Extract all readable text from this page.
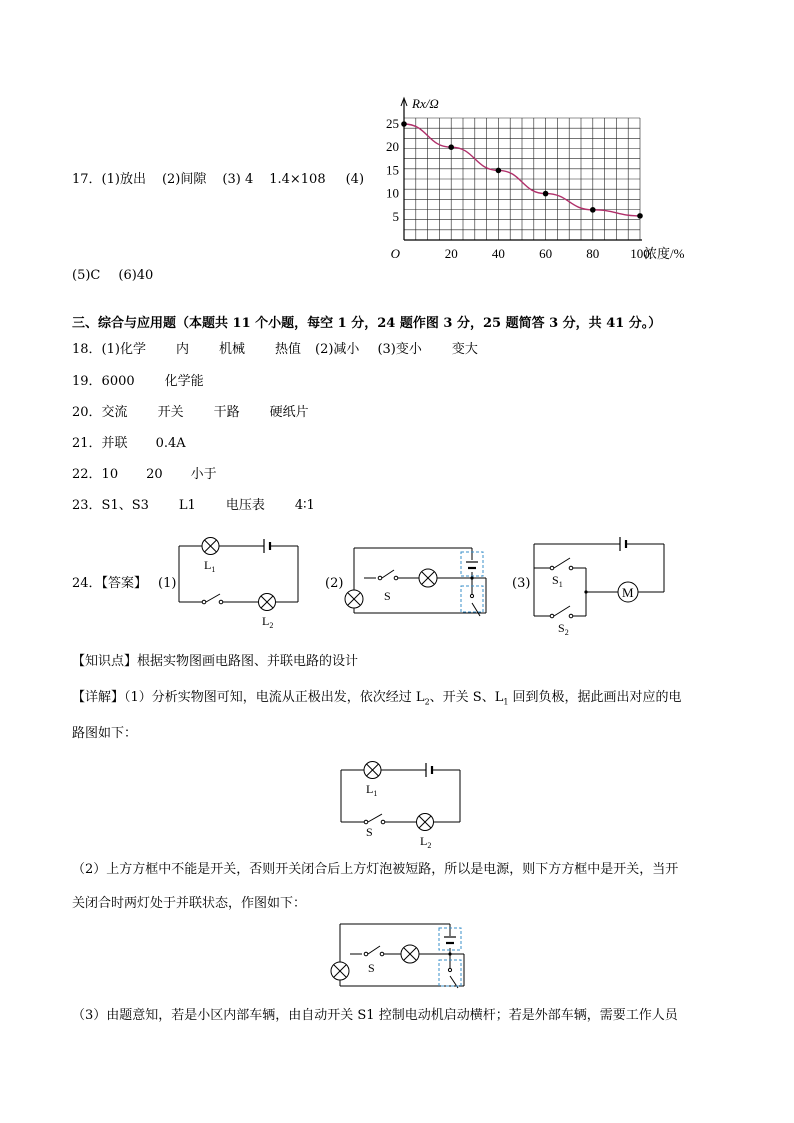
17．(1)放出 (2)间隙 (3) 4 1.4×108 (4)
5
10
15
20
25
20	40	60	80 100
O	浓度/%
Rx/Ω
(5)C (6)40
三、综合与应用题（本题共 11 个小题，每空 1 分，24 题作图 3 分，25 题简答 3 分，共 41 分。）
18．(1)化学 内 机械 热值 (2)减小 (3)变小 变大
19．6000 化学能
20．交流 开关 干路 硬纸片
21．并联 0.4A
22．10 20 小于
23．S1、S3 L1 电压表 4∶1
24．【答案】 (1)	(2)	(3)
$L_1$
$L_2$
S	M
$S_1$
$S_2$
【知识点】根据实物图画电路图、并联电路的设计
【详解】（1）分析实物图可知，电流从正极出发，依次经过 $L_2$、开关 S、$L_1$ 回到负极，据此画出对应的电
路图如下：
$L_1$
S
$L_2$
（2）上方方框中不能是开关，否则开关闭合后上方灯泡被短路，所以是电源，则下方方框中是开关，当开
关闭合时两灯处于并联状态，作图如下：
S
（3）由题意知，若是小区内部车辆，由自动开关 S1 控制电动机启动横杆；若是外部车辆，需要工作人员
